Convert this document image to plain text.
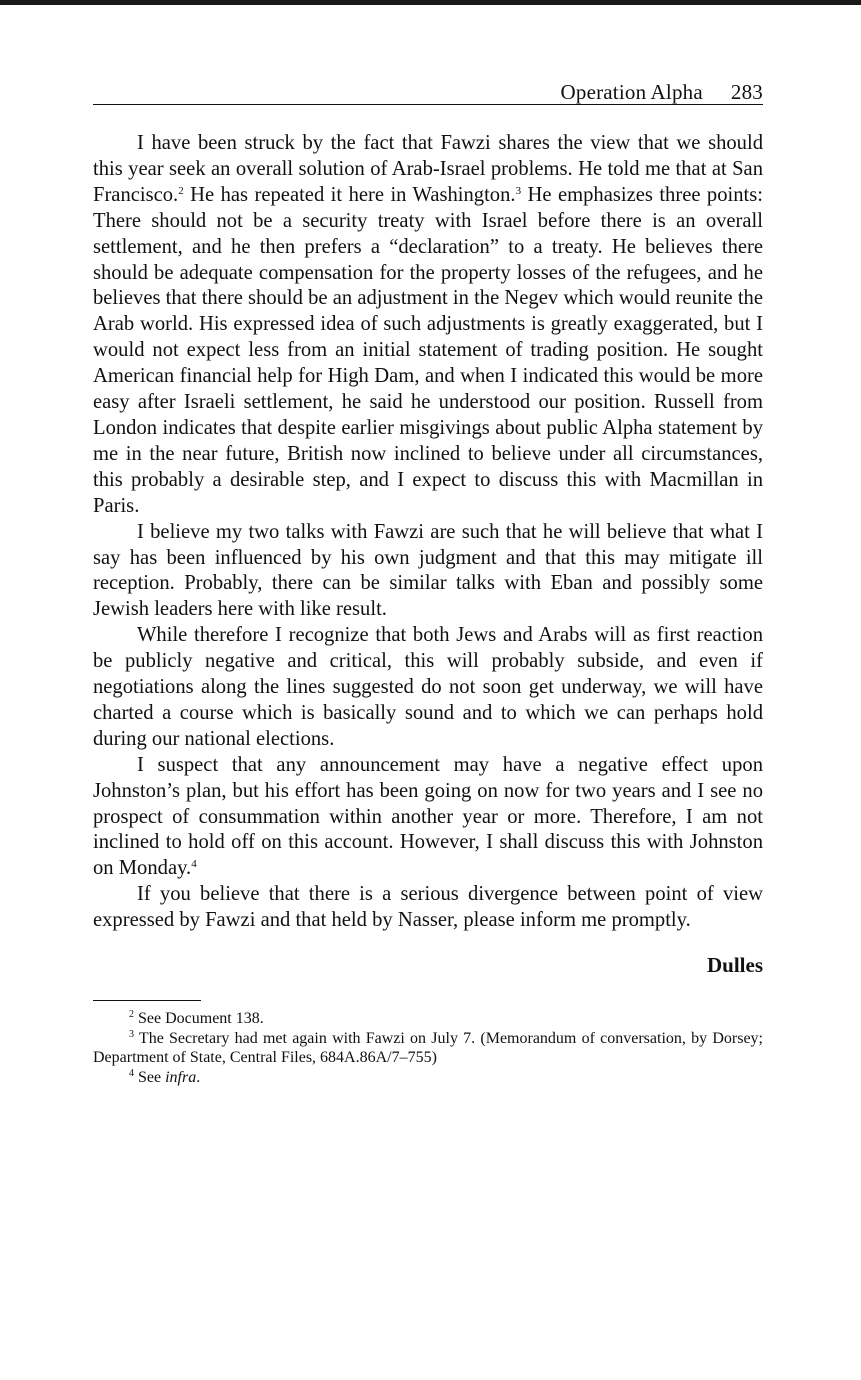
Operation Alpha 283

I have been struck by the fact that Fawzi shares the view that we should this year seek an overall solution of Arab-Israel problems. He told me that at San Francisco.$^2$ He has repeated it here in Washington.$^3$ He emphasizes three points: There should not be a security treaty with Israel before there is an overall settlement, and he then prefers a “declaration” to a treaty. He believes there should be adequate compensation for the property losses of the refugees, and he believes that there should be an adjustment in the Negev which would reunite the Arab world. His expressed idea of such adjustments is greatly exaggerated, but I would not expect less from an initial statement of trading position. He sought American financial help for High Dam, and when I indicated this would be more easy after Israeli settlement, he said he understood our position. Russell from London indicates that despite earlier misgivings about public Alpha statement by me in the near future, British now inclined to believe under all circumstances, this probably a desirable step, and I expect to discuss this with Macmillan in Paris.

I believe my two talks with Fawzi are such that he will believe that what I say has been influenced by his own judgment and that this may mitigate ill reception. Probably, there can be similar talks with Eban and possibly some Jewish leaders here with like result.

While therefore I recognize that both Jews and Arabs will as first reaction be publicly negative and critical, this will probably subside, and even if negotiations along the lines suggested do not soon get underway, we will have charted a course which is basically sound and to which we can perhaps hold during our national elections.

I suspect that any announcement may have a negative effect upon Johnston’s plan, but his effort has been going on now for two years and I see no prospect of consummation within another year or more. Therefore, I am not inclined to hold off on this account. However, I shall discuss this with Johnston on Monday.$^4$

If you believe that there is a serious divergence between point of view expressed by Fawzi and that held by Nasser, please inform me promptly.

Dulles

$^2$ See Document 138.

$^3$ The Secretary had met again with Fawzi on July 7. (Memorandum of conversation, by Dorsey; Department of State, Central Files, 684A.86A/7–755)

$^4$ See infra.
